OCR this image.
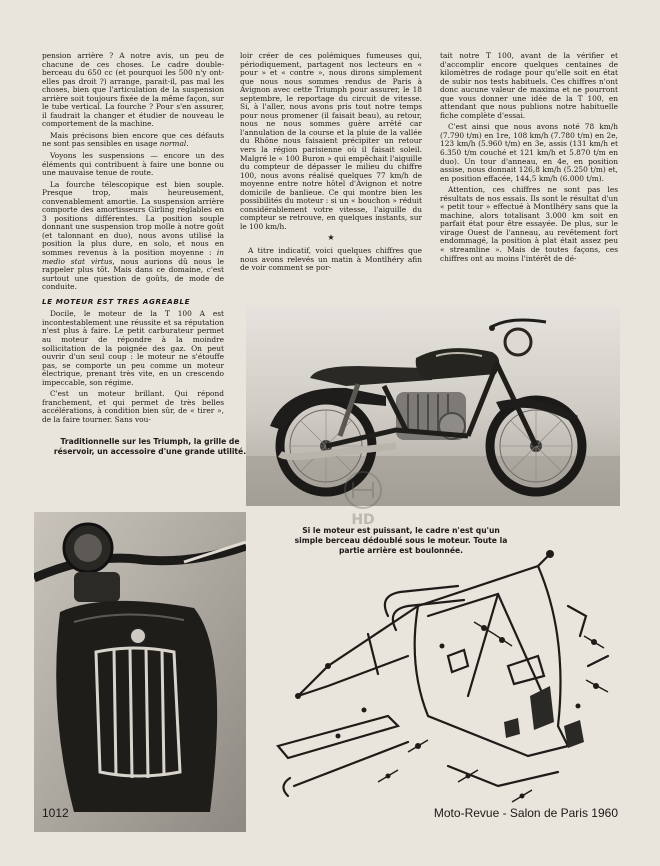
pension arrière ? A notre avis, un peu de chacune de ces choses. Le cadre double-berceau du 650 cc (et pourquoi les 500 n'y ont-elles pas droit ?) arrange, parait-il, pas mal les choses, bien que l'articulation de la suspension arrière soit toujours fixée de la même façon, sur le tube vertical. La fourche ? Pour s'en assurer, il faudrait la changer et étudier de nouveau le comportement de la machine.

Mais précisons bien encore que ces défauts ne sont pas sensibles en usage normal.

Voyons les suspensions — encore un des éléments qui contribuent à faire une bonne ou une mauvaise tenue de route.

La fourche télescopique est bien souple. Presque trop, mais heureusement, convenablement amortie. La suspension arrière comporte des amortisseurs Girling réglables en 3 positions différentes. La position souple donnant une suspension trop molle à notre goût (et talonnant en duo), nous avons utilisé la position la plus dure, en solo, et nous en sommes revenus à la position moyenne : in medio stat virtus, nous aurions dû nous le rappeler plus tôt. Mais dans ce domaine, c'est surtout une question de goûts, de mode de conduite.

LE MOTEUR EST TRES AGREABLE

Docile, le moteur de la T 100 A est incontestablement une réussite et sa réputation n'est plus à faire. Le petit carburateur permet au moteur de répondre à la moindre sollicitation de la poignée des gaz. On peut ouvrir d'un seul coup : le moteur ne s'étouffe pas, se comporte un peu comme un moteur électrique, prenant très vite, en un crescendo impeccable, son régime.

C'est un moteur brillant. Qui répond franchement, et qui permet de très belles accélérations, à condition bien sûr, de « tirer », de la faire tourner. Sans vou-

loir créer de ces polémiques fumeuses qui, périodiquement, partagent nos lecteurs en « pour » et « contre », nous dirons simplement que nous nous sommes rendus de Paris à Avignon avec cette Triumph pour assurer, le 18 septembre, le reportage du circuit de vitesse. Si, à l'aller, nous avons pris tout notre temps pour nous promener (il faisait beau), au retour, nous ne nous sommes guère arrêté car l'annulation de la course et la pluie de la vallée du Rhône nous faisaient précipiter un retour vers la région parisienne où il faisait soleil. Malgré le « 100 Buron » qui empêchait l'aiguille du compteur de dépasser le milieu du chiffre 100, nous avons réalisé quelques 77 km/h de moyenne entre notre hôtel d'Avignon et notre domicile de banlieue. Ce qui montre bien les possibilités du moteur : si un « bouchon » réduit considérablement votre vitesse, l'aiguille du compteur se retrouve, en quelques instants, sur le 100 km/h.

★

A titre indicatif, voici quelques chiffres que nous avons relevés un matin à Montlhéry afin de voir comment se por-

tait notre T 100, avant de la vérifier et d'accomplir encore quelques centaines de kilomètres de rodage pour qu'elle soit en état de subir nos tests habituels. Ces chiffres n'ont donc aucune valeur de maxima et ne pourront que vous donner une idée de la T 100, en attendant que nous publions notre habituelle fiche complète d'essai.

C'est ainsi que nous avons noté 78 km/h (7.790 t/m) en 1re, 108 km/h (7.780 t/m) en 2e, 123 km/h (5.960 t/m) en 3e, assis (131 km/h et 6.350 t/m couché et 121 km/h et 5.870 t/m en duo). Un tour d'anneau, en 4e, en position assise, nous donnait 126,8 km/h (5.250 t/m) et, en position effacée, 144,5 km/h (6.000 t/m).

Attention, ces chiffres ne sont pas les résultats de nos essais. Ils sont le résultat d'un « petit tour » effectué à Montlhéry sans que la machine, alors totalisant 3.000 km soit en parfait état pour être essayée. De plus, sur le virage Ouest de l'anneau, au revêtement fort endommagé, la position à plat était assez peu « streamline ». Mais de toutes façons, ces chiffres ont au moins l'intérêt de dé-

HD
Traditionnelle sur les Triumph, la grille de réservoir, un accessoire d'une grande utilité.
Si le moteur est puissant, le cadre n'est qu'un simple berceau dédoublé sous le moteur. Toute la partie arrière est boulonnée.
1012	Moto-Revue - Salon de Paris 1960
